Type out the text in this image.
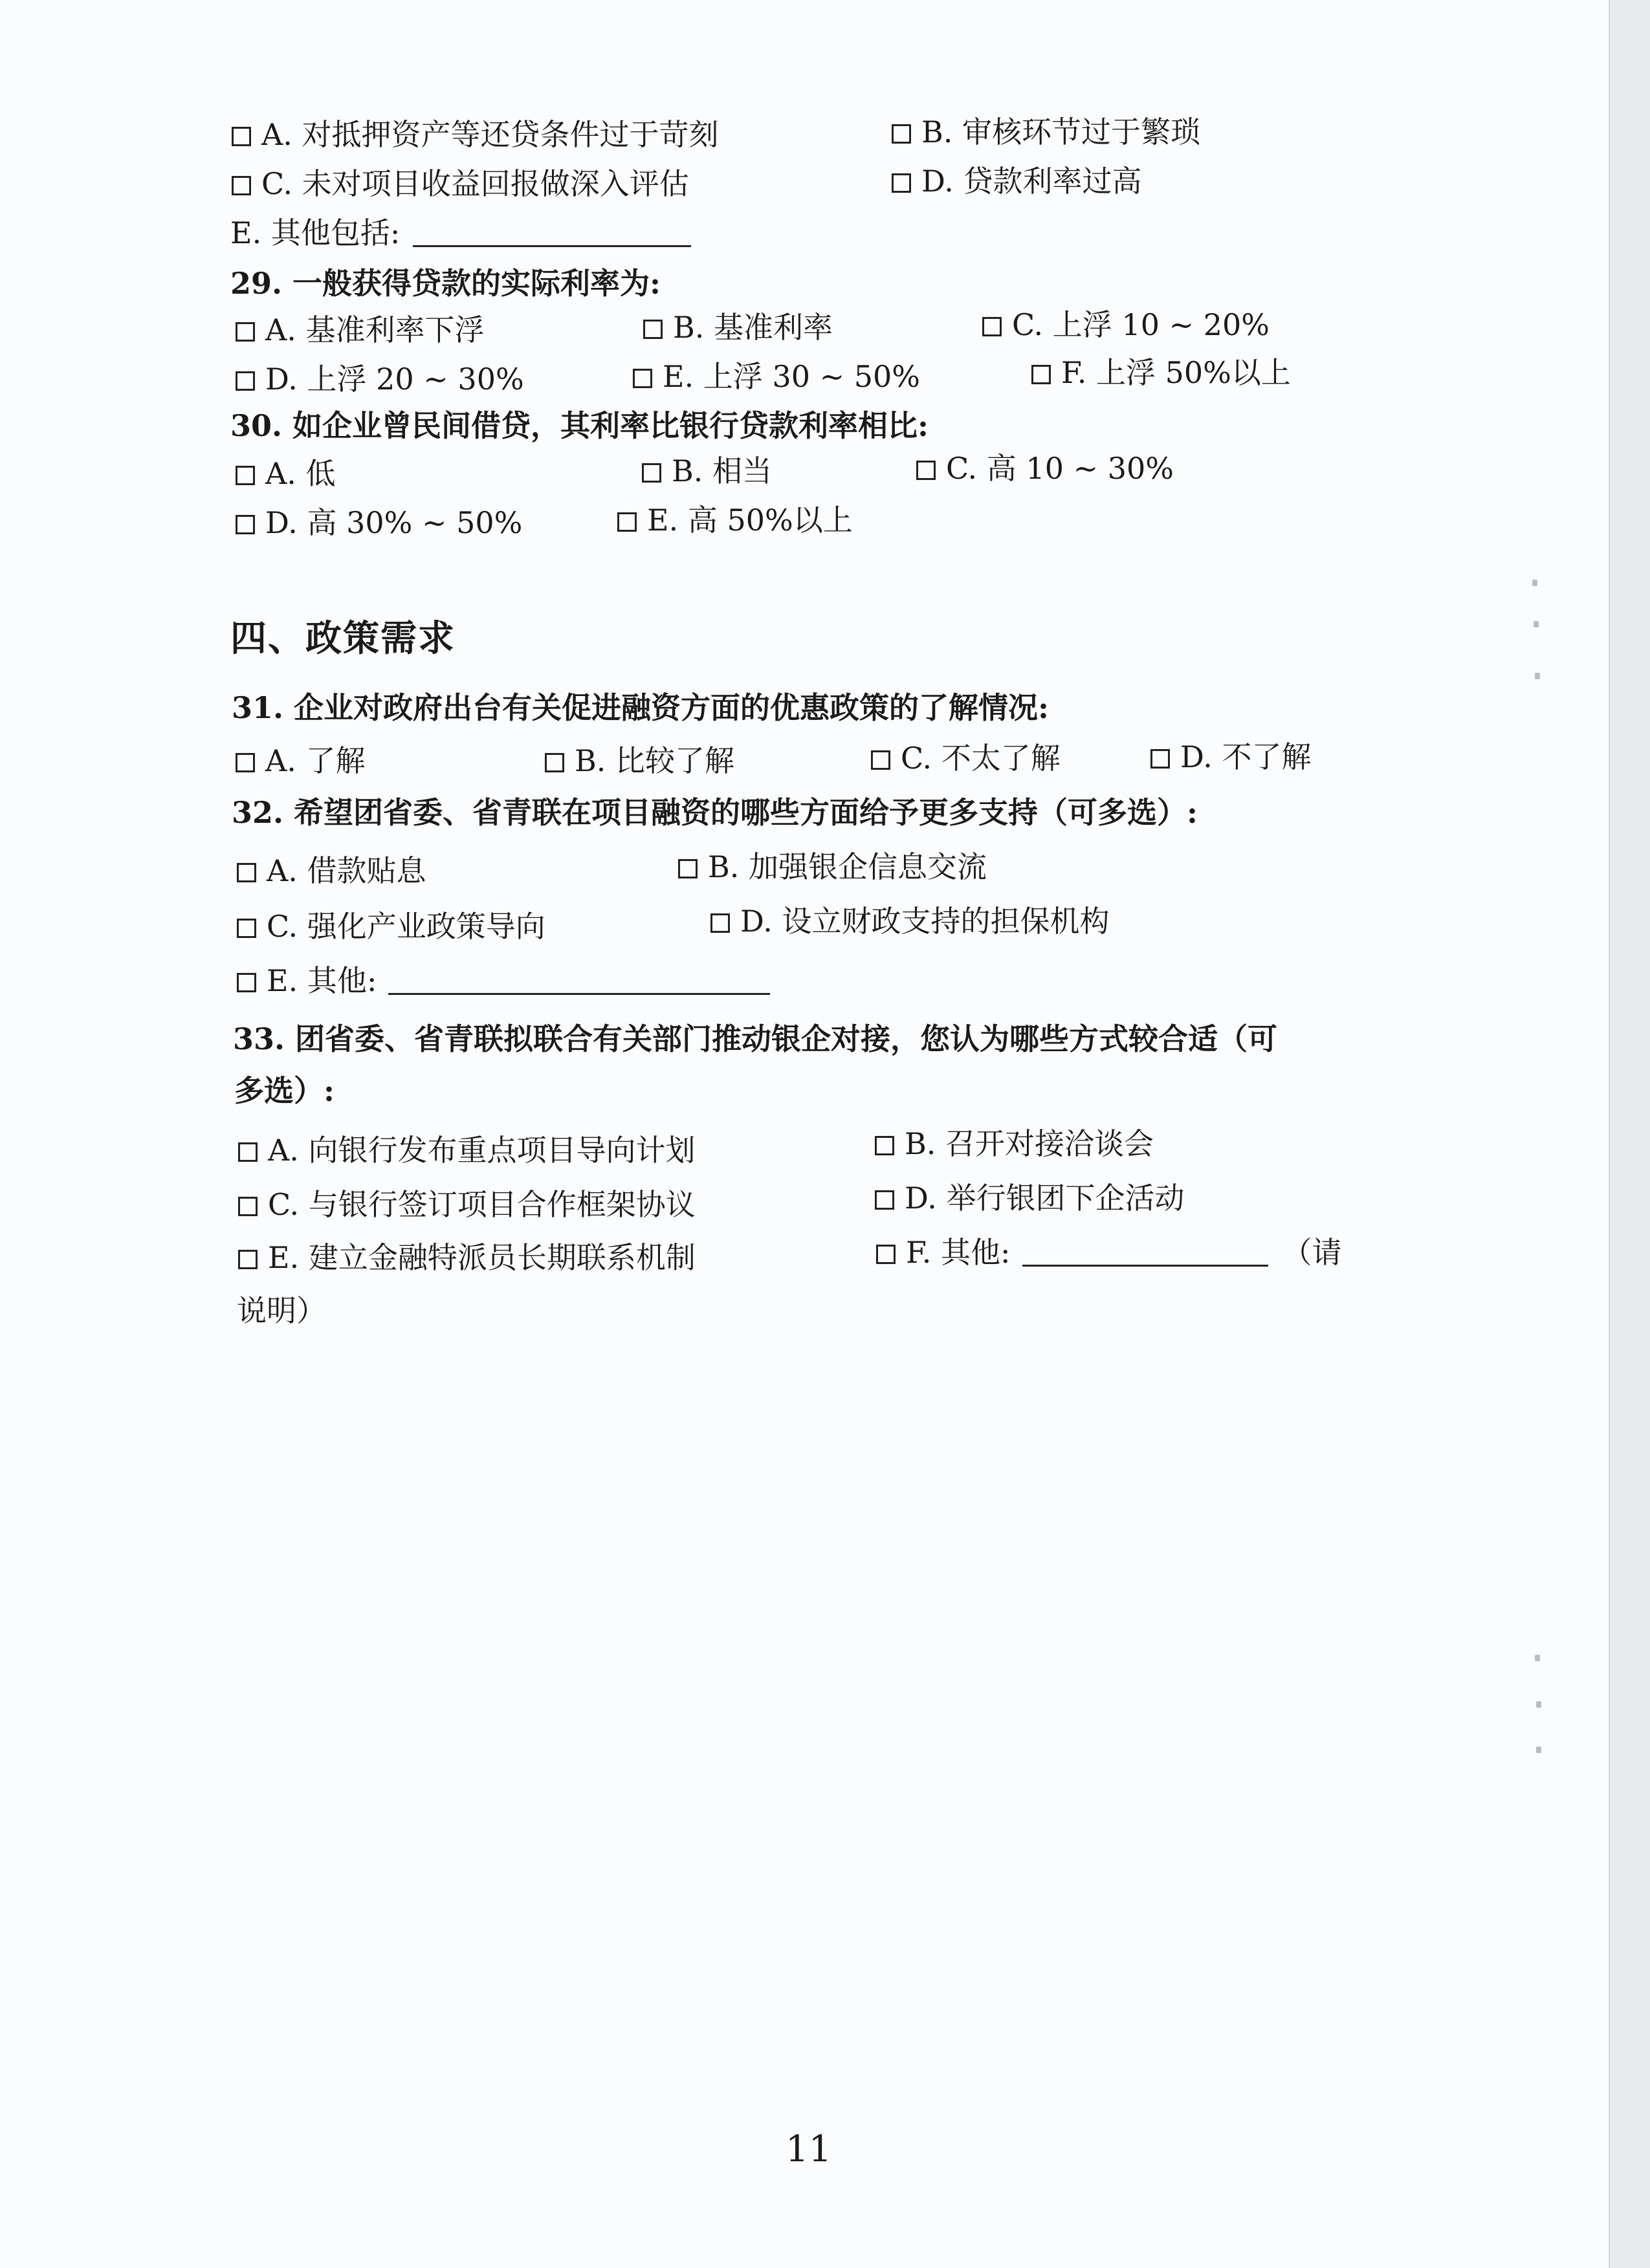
A. 对抵押资产等还贷条件过于苛刻	B. 审核环节过于繁琐
C. 未对项目收益回报做深入评估	D. 贷款利率过高
E. 其他包括:
29. 一般获得贷款的实际利率为:
A. 基准利率下浮	B. 基准利率	C. 上浮 10 ~ 20%
D. 上浮 20 ~ 30%	E. 上浮 30 ~ 50%	F. 上浮 50%以上
30. 如企业曾民间借贷，其利率比银行贷款利率相比:
A. 低	B. 相当	C. 高 10 ~ 30%
D. 高 30% ~ 50%	E. 高 50%以上
四、政策需求
31. 企业对政府出台有关促进融资方面的优惠政策的了解情况:
A. 了解	B. 比较了解	C. 不太了解	D. 不了解
32. 希望团省委、省青联在项目融资的哪些方面给予更多支持（可多选）:
A. 借款贴息	B. 加强银企信息交流
C. 强化产业政策导向	D. 设立财政支持的担保机构
E. 其他:
33. 团省委、省青联拟联合有关部门推动银企对接，您认为哪些方式较合适（可
多选）:
A. 向银行发布重点项目导向计划	B. 召开对接洽谈会
C. 与银行签订项目合作框架协议	D. 举行银团下企活动
E. 建立金融特派员长期联系机制	F. 其他:	（请
说明）
11
